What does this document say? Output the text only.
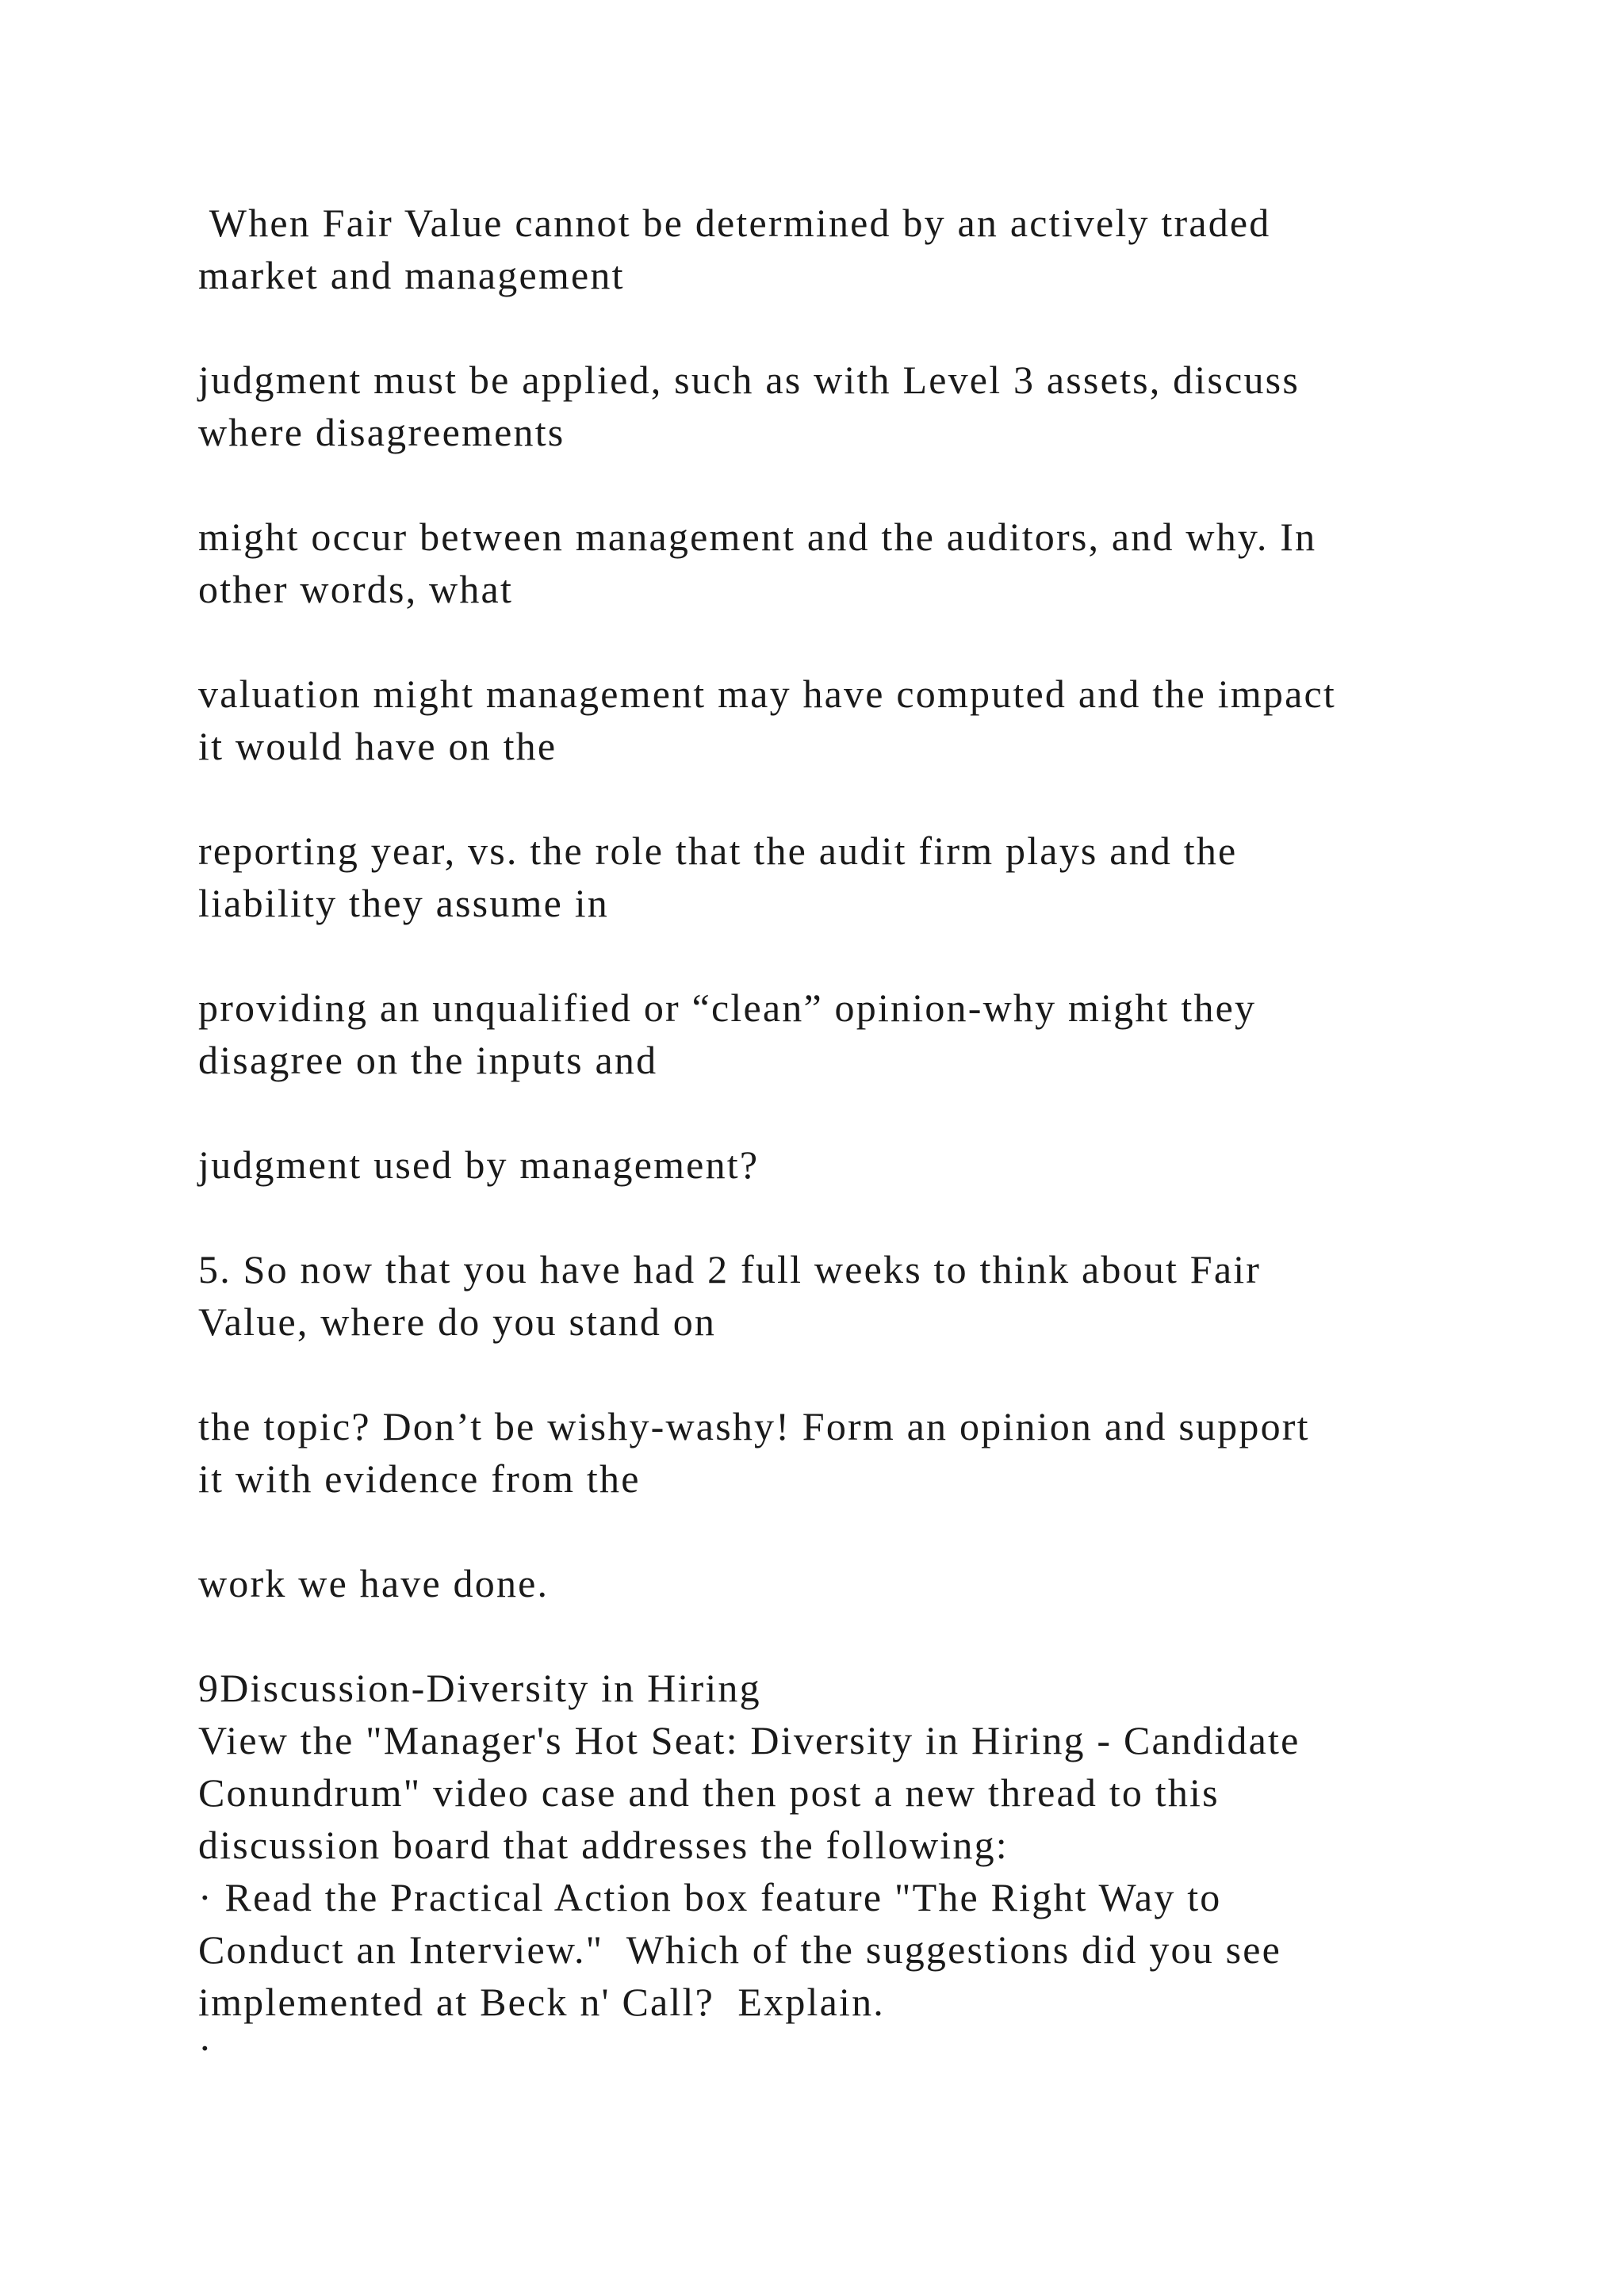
When Fair Value cannot be determined by an actively traded
market and management
judgment must be applied, such as with Level 3 assets, discuss
where disagreements
might occur between management and the auditors, and why. In
other words, what
valuation might management may have computed and the impact
it would have on the
reporting year, vs. the role that the audit firm plays and the
liability they assume in
providing an unqualified or “clean” opinion-why might they
disagree on the inputs and
judgment used by management?
5. So now that you have had 2 full weeks to think about Fair
Value, where do you stand on
the topic? Don’t be wishy-washy! Form an opinion and support
it with evidence from the
work we have done.
9Discussion-Diversity in Hiring
View the "Manager's Hot Seat: Diversity in Hiring - Candidate
Conundrum" video case and then post a new thread to this
discussion board that addresses the following:
· Read the Practical Action box feature "The Right Way to
Conduct an Interview."  Which of the suggestions did you see
implemented at Beck n' Call?  Explain.
·
